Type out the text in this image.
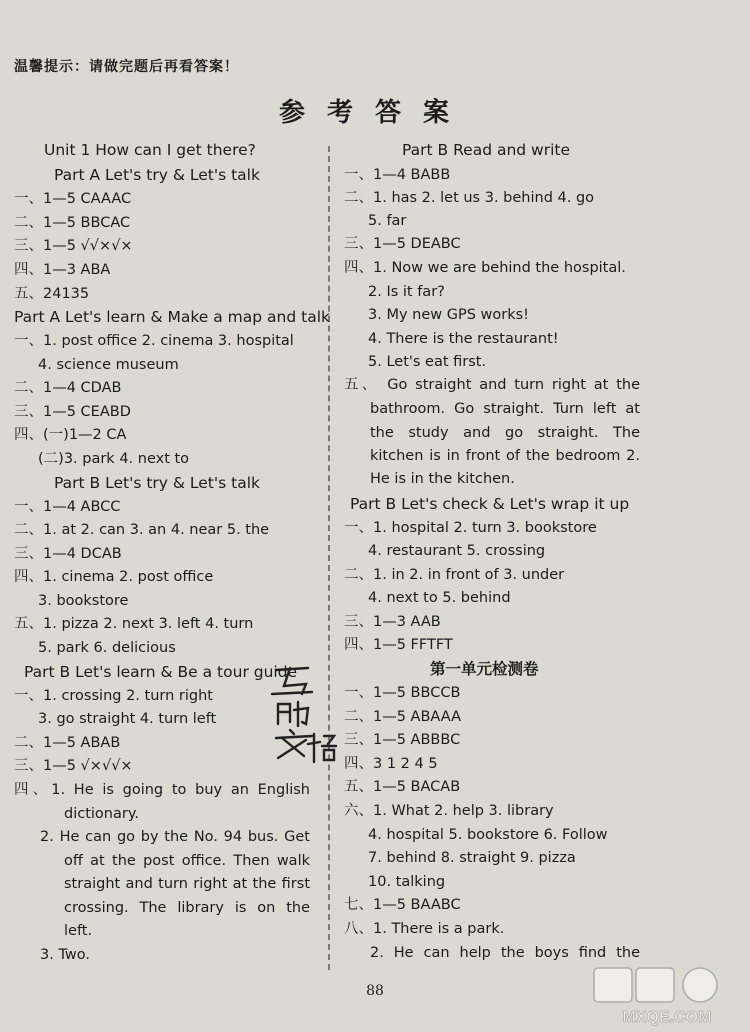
温馨提示：请做完题后再看答案！
参考答案
Unit 1 How can I get there?
Part A Let's try & Let's talk
一、1—5 CAAAC
二、1—5 BBCAC
三、1—5 √√×√×
四、1—3 ABA
五、24135
Part A Let's learn & Make a map and talk
一、1. post office 2. cinema 3. hospital
4. science museum
二、1—4 CDAB
三、1—5 CEABD
四、(一)1—2 CA
(二)3. park 4. next to
Part B Let's try & Let's talk
一、1—4 ABCC
二、1. at 2. can 3. an 4. near 5. the
三、1—4 DCAB
四、1. cinema 2. post office
3. bookstore
五、1. pizza 2. next 3. left 4. turn
5. park 6. delicious
Part B Let's learn & Be a tour guide
一、1. crossing 2. turn right
3. go straight 4. turn left
二、1—5 ABAB
三、1—5 √×√√×
四、1. He is going to buy an English
dictionary.
2. He can go by the No. 94 bus. Get
off at the post office. Then walk
straight and turn right at the first
crossing. The library is on the
left.
3. Two.
Part B Read and write
一、1—4 BABB
二、1. has 2. let us 3. behind 4. go
5. far
三、1—5 DEABC
四、1. Now we are behind the hospital.
2. Is it far?
3. My new GPS works!
4. There is the restaurant!
5. Let's eat first.
五、 Go straight and turn right at the
bathroom. Go straight. Turn left at
the study and go straight. The
kitchen is in front of the bedroom 2.
He is in the kitchen.
Part B Let's check & Let's wrap it up
一、1. hospital 2. turn 3. bookstore
4. restaurant 5. crossing
二、1. in 2. in front of 3. under
4. next to 5. behind
三、1—3 AAB
四、1—5 FFTFT
第一单元检测卷
一、1—5 BBCCB
二、1—5 ABAAA
三、1—5 ABBBC
四、3 1 2 4 5
五、1—5 BACAB
六、1. What 2. help 3. library
4. hospital 5. bookstore 6. Follow
7. behind 8. straight 9. pizza
10. talking
七、1—5 BAABC
八、1. There is a park.
2. He can help the boys find the
88
MXQE.COM
